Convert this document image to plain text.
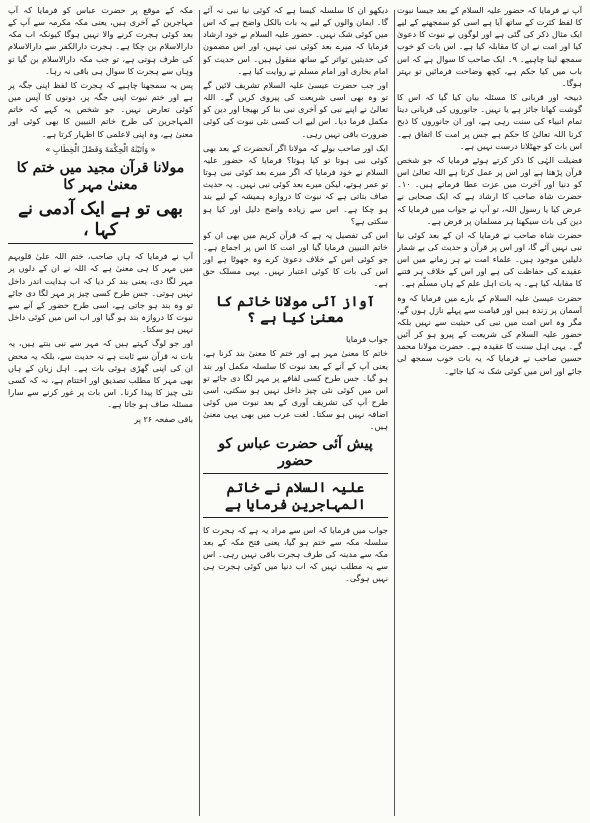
آپ نے فرمایا کہ حضور علیہ السلام کے بعد جیسا نبوت کا لفظ کثرت کے ساتھ آیا ہے اسی کو سمجھنے کے لیے ایک مثال ذکر کی گئی ہے اور لوگوں نے نبوت کا دعویٰ کیا اور امت نے ان کا مقابلہ کیا ہے۔ اس بات کو خوب سمجھ لینا چاہیے۔ ۹۔ ایک صاحب کا سوال ہے کہ اس باب میں کیا حکم ہے، کچھ وضاحت فرمائیں تو بہتر ہوگا۔

ذبیحہ اور قربانی کا مسئلہ بیان کیا گیا کہ اس کا گوشت کھانا جائز ہے یا نہیں۔ جانوروں کی قربانی دینا تمام انبیاء کی سنت رہی ہے، اور ان جانوروں کا ذبح کرنا اللہ تعالیٰ کا حکم ہے جس پر امت کا اتفاق ہے۔ اس بات کو جھٹلانا درست نہیں ہے۔

فضیلت الہٰی کا ذکر کرتے ہوئے فرمایا کہ جو شخص قرآن پڑھتا ہے اور اس پر عمل کرتا ہے اللہ تعالیٰ اس کو دنیا اور آخرت میں عزت عطا فرماتے ہیں۔ ۱۰۔ حضرت شاہ صاحب کا ارشاد ہے کہ ایک صحابی نے عرض کیا یا رسول اللہ، تو آپ نے جواب میں فرمایا کہ دین کی بات سیکھنا ہر مسلمان پر فرض ہے۔

حضرت شاہ صاحب نے فرمایا کہ ان کے بعد کوئی نیا نبی نہیں آئے گا، اور اس پر قرآن و حدیث کی بے شمار دلیلیں موجود ہیں۔ علماء امت نے ہر زمانے میں اس عقیدے کی حفاظت کی ہے اور اس کے خلاف ہر فتنے کا مقابلہ کیا ہے۔ یہ بات اہل علم کے ہاں مسلّم ہے۔

حضرت عیسیٰ علیہ السلام کے بارے میں فرمایا کہ وہ آسمان پر زندہ ہیں اور قیامت سے پہلے نازل ہوں گے، مگر وہ اس امت میں نبی کی حیثیت سے نہیں بلکہ حضور علیہ السلام کی شریعت کے پیرو ہو کر آئیں گے۔ یہی اہل سنت کا عقیدہ ہے۔ حضرت مولانا محمد حسین صاحب نے فرمایا کہ یہ بات خوب سمجھ لی جائے اور اس میں کوئی شک نہ کیا جائے۔

دیکھو ان کا سلسلہ کیسا ہے کہ کوئی نیا نبی نہ آئے گا۔ ایمان والوں کے لیے یہ بات بالکل واضح ہے کہ اس میں کوئی شک نہیں۔ حضور علیہ السلام نے خود ارشاد فرمایا کہ میرے بعد کوئی نبی نہیں، اور اس مضمون کی حدیثیں تواتر کے ساتھ منقول ہیں۔ اس حدیث کو امام بخاری اور امام مسلم نے روایت کیا ہے۔

اور جب حضرت عیسیٰ علیہ السلام تشریف لائیں گے تو وہ بھی اسی شریعت کی پیروی کریں گے۔ اللہ تعالیٰ نے اپنے نبی کو آخری نبی بنا کر بھیجا اور دین کو مکمل فرما دیا۔ اس لیے اب کسی نئی نبوت کی کوئی ضرورت باقی نہیں رہی۔

ایک اور صاحب بولے کہ مولانا اگر آنحضرت کے بعد بھی کوئی نبی ہوتا تو کیا ہوتا؟ فرمایا کہ حضور علیہ السلام نے خود فرمایا کہ اگر میرے بعد کوئی نبی ہوتا تو عمر ہوتے، لیکن میرے بعد کوئی نبی نہیں۔ یہ حدیث صاف بتاتی ہے کہ نبوت کا دروازہ ہمیشہ کے لیے بند ہو چکا ہے۔ اس سے زیادہ واضح دلیل اور کیا ہو سکتی ہے؟

اس کی تفصیل یہ ہے کہ قرآن کریم میں بھی ان کو خاتم النبیین فرمایا گیا اور امت کا اس پر اجماع ہے۔ جو کوئی اس کے خلاف دعویٰ کرے وہ جھوٹا ہے اور اس کی بات کا کوئی اعتبار نہیں۔ یہی مسلک حق ہے۔

آواز آئی مولانا خاتم کا معنیٰ کیا ہے ؟

جواب فرمایا

خاتم کا معنیٰ مہر ہے اور ختم کا معنیٰ بند کرنا ہے، یعنی آپ کے آنے کے بعد نبوت کا سلسلہ مکمل اور بند ہو گیا۔ جس طرح کسی لفافے پر مہر لگا دی جائے تو اس میں کوئی نئی چیز داخل نہیں ہو سکتی، اسی طرح آپ کی تشریف آوری کے بعد نبوت میں کوئی اضافہ نہیں ہو سکتا۔ لغت عرب میں بھی یہی معنیٰ ہیں۔

پیش آئی حضرت عباس کو حضور
علیہ السلام نے خاتم المہاجرین فرمایا ہے

جواب میں فرمایا کہ اس سے مراد یہ ہے کہ ہجرت کا سلسلہ مکہ سے ختم ہو گیا، یعنی فتح مکہ کے بعد مکہ سے مدینہ کی طرف ہجرت باقی نہیں رہی۔ اس سے یہ مطلب نہیں کہ اب دنیا میں کوئی ہجرت ہی نہیں ہوگی۔

مکہ کے موقع پر حضرت عباس کو فرمایا کہ آپ مہاجرین کے آخری ہیں، یعنی مکہ مکرمہ سے آپ کے بعد کوئی ہجرت کرنے والا نہیں ہوگا کیونکہ اب مکہ دارالاسلام بن چکا ہے۔ ہجرت دارالکفر سے دارالاسلام کی طرف ہوتی ہے، تو جب مکہ دارالاسلام بن گیا تو وہاں سے ہجرت کا سوال ہی باقی نہ رہا۔

پس یہ سمجھنا چاہیے کہ ہجرت کا لفظ اپنی جگہ پر ہے اور ختم نبوت اپنی جگہ پر، دونوں کا آپس میں کوئی تعارض نہیں۔ جو شخص یہ کہے کہ خاتم المہاجرین کی طرح خاتم النبیین کا بھی کوئی اور معنیٰ ہے، وہ اپنی لاعلمی کا اظہار کرتا ہے۔

« وَاٰتَیْنٰهُ الْحِکْمَةَ وَفَصْلَ الْخِطَابِ »
مولانا قرآن مجید میں ختم کا معنیٰ مہر کا
بھی تو ہے ایک آدمی نے کہا ،

آپ نے فرمایا کہ ہاں صاحب، ختم اللہ علیٰ قلوبہم میں مہر کا ہی معنیٰ ہے کہ اللہ نے ان کے دلوں پر مہر لگا دی، یعنی بند کر دیا کہ اب ہدایت اندر داخل نہیں ہوتی۔ جس طرح کسی چیز پر مہر لگا دی جائے تو وہ بند ہو جاتی ہے، اسی طرح حضور کے آنے سے نبوت کا دروازہ بند ہو گیا اور اب اس میں کوئی داخل نہیں ہو سکتا۔

اور جو لوگ کہتے ہیں کہ مہر سے نبی بنتے ہیں، یہ بات نہ قرآن سے ثابت ہے نہ حدیث سے، بلکہ یہ محض ان کی اپنی گھڑی ہوئی بات ہے۔ اہل زبان کے ہاں بھی مہر کا مطلب تصدیق اور اختتام ہے، نہ کہ کسی نئی چیز کا پیدا کرنا۔ اس بات پر غور کرنے سے سارا مسئلہ صاف ہو جاتا ہے۔

باقی صفحہ ۲۶ پر
